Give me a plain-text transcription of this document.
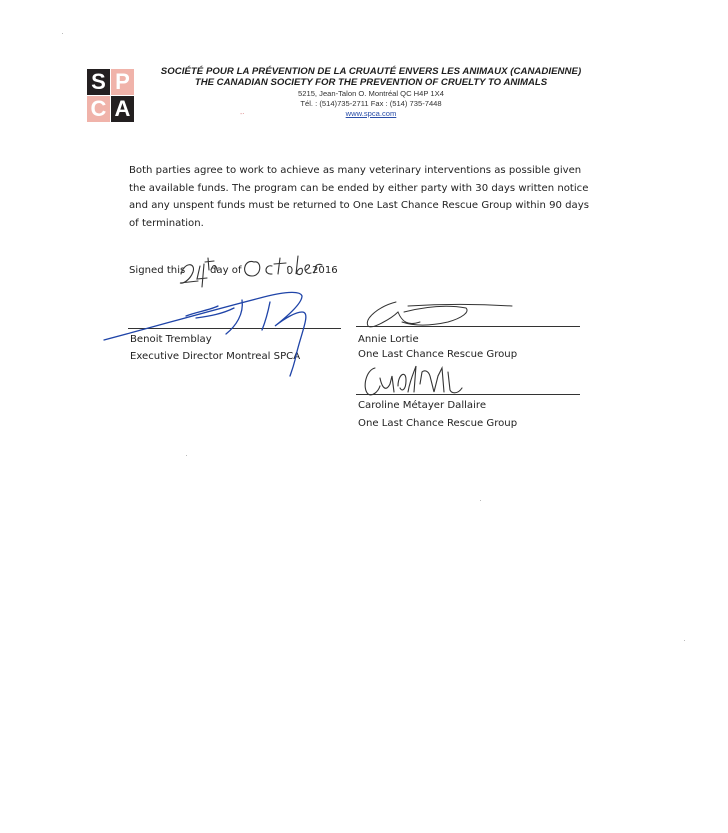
S P
C A
SOCIÉTÉ POUR LA PRÉVENTION DE LA CRUAUTÉ ENVERS LES ANIMAUX (CANADIENNE)
THE CANADIAN SOCIETY FOR THE PREVENTION OF CRUELTY TO ANIMALS
5215, Jean-Talon O. Montréal QC H4P 1X4
Tél. : (514)735-2711 Fax : (514) 735-7448
www.spca.com
-·
Both parties agree to work to achieve as many veterinary interventions as possible given the available funds. The program can be ended by either party with 30 days written notice and any unspent funds must be returned to One Last Chance Rescue Group within 90 days of termination.
Signed this day of	2016
Benoit Tremblay
Executive Director Montreal SPCA
Annie Lortie
One Last Chance Rescue Group
Caroline Métayer Dallaire
One Last Chance Rescue Group
